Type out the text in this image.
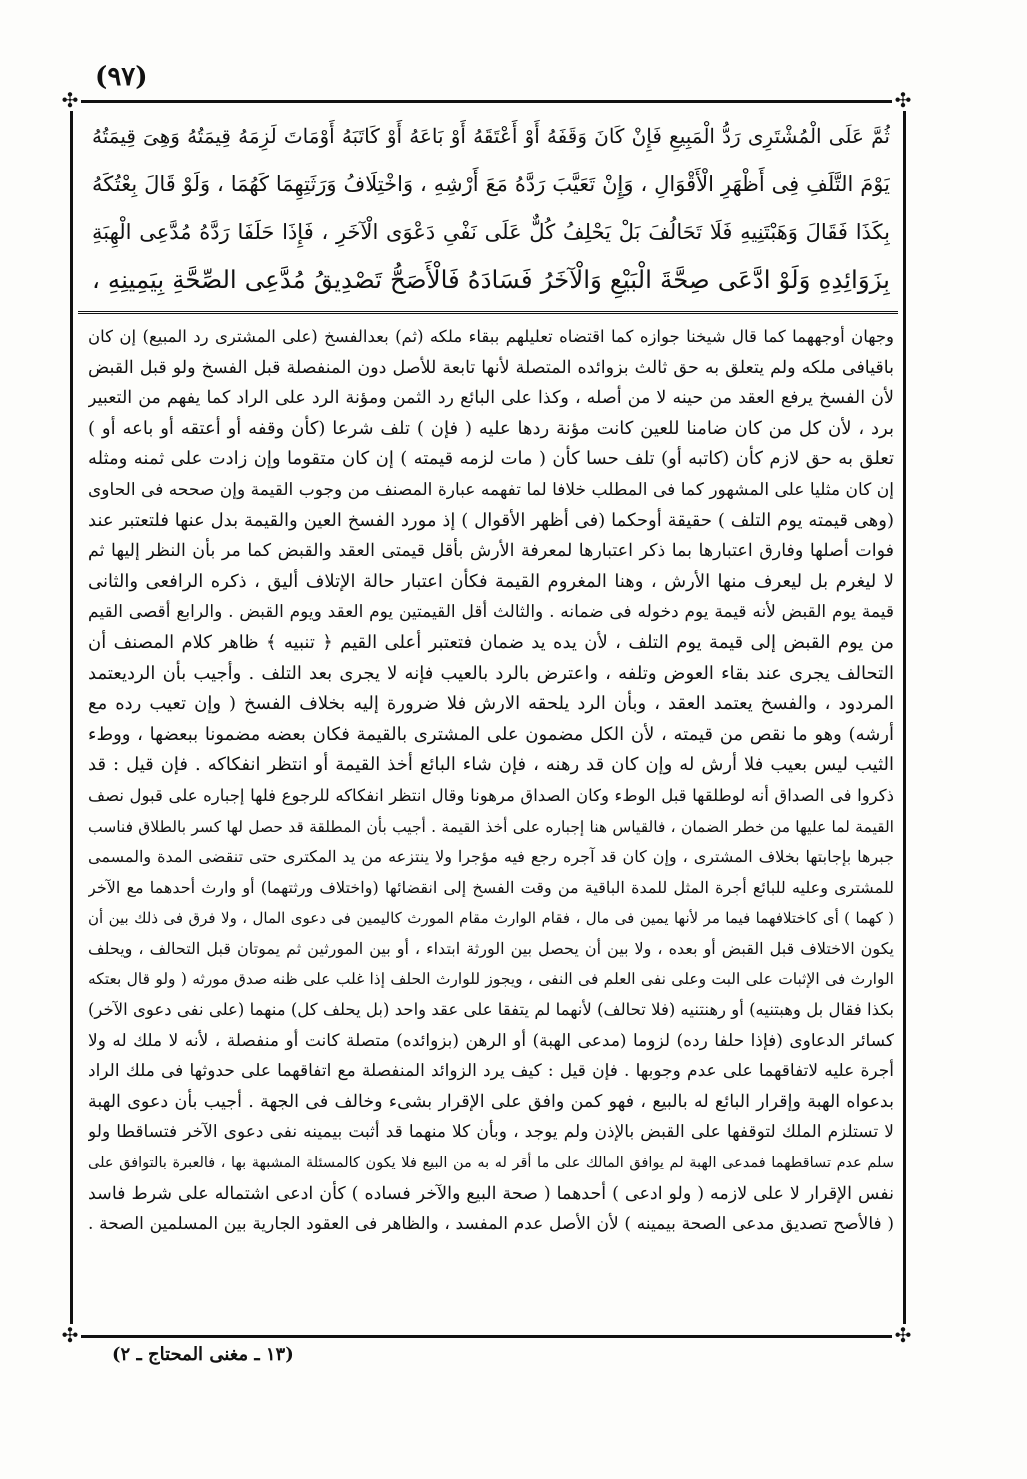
(٩٧)
✣	✣
✣	✣
ثُمَّ عَلَى الْمُشْتَرِى رَدُّ الْمَبِيعِ فَإِنْ كَانَ وَقَفَهُ أَوْ أَعْتَقَهُ أَوْ بَاعَهُ أَوْ كَاتَبَهُ أَوْمَاتَ لَزِمَهُ قِيمَتُهُ وَهِىَ قِيمَتُهُ
يَوْمَ التَّلَفِ فِى أَظْهَرِ الْأَقْوَالِ ، وَإِنْ تَعَيَّبَ رَدَّهُ مَعَ أَرْشِهِ ، وَاخْتِلَافُ وَرَثَتِهِمَا كَهُمَا ، وَلَوْ قَالَ بِعْتُكَهُ
بِكَذَا فَقَالَ وَهَبْتَنِيهِ فَلَا تَحَالُفَ بَلْ يَحْلِفُ كُلٌّ عَلَى نَفْىِ دَعْوَى الْآخَرِ ، فَإِذَا حَلَفَا رَدَّهُ مُدَّعِى الْهِبَةِ
بِزَوَائِدِهِ وَلَوْ ادَّعَى صِحَّةَ الْبَيْعِ وَالْآخَرُ فَسَادَهُ فَالْأَصَحُّ تَصْدِيقُ مُدَّعِى الصِّحَّةِ بِيَمِينِهِ ،
وجهان أوجههما كما قال شيخنا جوازه كما اقتضاه تعليلهم ببقاء ملكه (ثم) بعدالفسخ (على المشترى رد المبيع) إن كان
باقيافى ملكه ولم يتعلق به حق ثالث بزوائده المتصلة لأنها تابعة للأصل دون المنفصلة قبل الفسخ ولو قبل القبض
لأن الفسخ يرفع العقد من حينه لا من أصله ، وكذا على البائع رد الثمن ومؤنة الرد على الراد كما يفهم من التعبير
برد ، لأن كل من كان ضامنا للعين كانت مؤنة ردها عليه ( فإن ) تلف شرعا (كأن وقفه أو أعتقه أو باعه أو )
تعلق به حق لازم كأن (كاتبه أو) تلف حسا كأن ( مات لزمه قيمته ) إن كان متقوما وإن زادت على ثمنه ومثله
إن كان مثليا على المشهور كما فى المطلب خلافا لما تفهمه عبارة المصنف من وجوب القيمة وإن صححه فى الحاوى
(وهى قيمته يوم التلف ) حقيقة أوحكما (فى أظهر الأقوال ) إذ مورد الفسخ العين والقيمة بدل عنها فلتعتبر عند
فوات أصلها وفارق اعتبارها بما ذكر اعتبارها لمعرفة الأرش بأقل قيمتى العقد والقبض كما مر بأن النظر إليها ثم
لا ليغرم بل ليعرف منها الأرش ، وهنا المغروم القيمة فكأن اعتبار حالة الإتلاف أليق ، ذكره الرافعى والثانى
قيمة يوم القبض لأنه قيمة يوم دخوله فى ضمانه . والثالث أقل القيمتين يوم العقد ويوم القبض . والرابع أقصى القيم
من يوم القبض إلى قيمة يوم التلف ، لأن يده يد ضمان فتعتبر أعلى القيم ﴿ تنبيه ﴾ ظاهر كلام المصنف أن
التحالف يجرى عند بقاء العوض وتلفه ، واعترض بالرد بالعيب فإنه لا يجرى بعد التلف . وأجيب بأن الرديعتمد
المردود ، والفسخ يعتمد العقد ، وبأن الرد يلحقه الارش فلا ضرورة إليه بخلاف الفسخ ( وإن تعيب رده مع
أرشه) وهو ما نقص من قيمته ، لأن الكل مضمون على المشترى بالقيمة فكان بعضه مضمونا ببعضها ، ووطء
الثيب ليس بعيب فلا أرش له وإن كان قد رهنه ، فإن شاء البائع أخذ القيمة أو انتظر انفكاكه . فإن قيل : قد
ذكروا فى الصداق أنه لوطلقها قبل الوطء وكان الصداق مرهونا وقال انتظر انفكاكه للرجوع فلها إجباره على قبول نصف
القيمة لما عليها من خطر الضمان ، فالقياس هنا إجباره على أخذ القيمة . أجيب بأن المطلقة قد حصل لها كسر بالطلاق فناسب
جبرها بإجابتها بخلاف المشترى ، وإن كان قد آجره رجع فيه مؤجرا ولا ينتزعه من يد المكترى حتى تنقضى المدة والمسمى
للمشترى وعليه للبائع أجرة المثل للمدة الباقية من وقت الفسخ إلى انقضائها (واختلاف ورثتهما) أو وارث أحدهما مع الآخر
( كهما ) أى كاختلافهما فيما مر لأنها يمين فى مال ، فقام الوارث مقام المورث كاليمين فى دعوى المال ، ولا فرق فى ذلك بين أن
يكون الاختلاف قبل القبض أو بعده ، ولا بين أن يحصل بين الورثة ابتداء ، أو بين المورثين ثم يموتان قبل التحالف ، ويحلف
الوارث فى الإثبات على البت وعلى نفى العلم فى النفى ، ويجوز للوارث الحلف إذا غلب على ظنه صدق مورثه ( ولو قال بعتكه
بكذا فقال بل وهبتنيه) أو رهنتنيه (فلا تحالف) لأنهما لم يتفقا على عقد واحد (بل يحلف كل) منهما (على نفى دعوى الآخر)
كسائر الدعاوى (فإذا حلفا رده) لزوما (مدعى الهبة) أو الرهن (بزوائده) متصلة كانت أو منفصلة ، لأنه لا ملك له ولا
أجرة عليه لاتفاقهما على عدم وجوبها . فإن قيل : كيف يرد الزوائد المنفصلة مع اتفاقهما على حدوثها فى ملك الراد
بدعواه الهبة وإقرار البائع له بالبيع ، فهو كمن وافق على الإقرار بشىء وخالف فى الجهة . أجيب بأن دعوى الهبة
لا تستلزم الملك لتوقفها على القبض بالإذن ولم يوجد ، وبأن كلا منهما قد أثبت بيمينه نفى دعوى الآخر فتساقطا ولو
سلم عدم تساقطهما فمدعى الهبة لم يوافق المالك على ما أقر له به من البيع فلا يكون كالمسئلة المشبهة بها ، فالعبرة بالتوافق على
نفس الإقرار لا على لازمه ( ولو ادعى ) أحدهما ( صحة البيع والآخر فساده ) كأن ادعى اشتماله على شرط فاسد
( فالأصح تصديق مدعى الصحة بيمينه ) لأن الأصل عدم المفسد ، والظاهر فى العقود الجارية بين المسلمين الصحة .
(١٣ ـ مغنى المحتاج ـ ٢)
